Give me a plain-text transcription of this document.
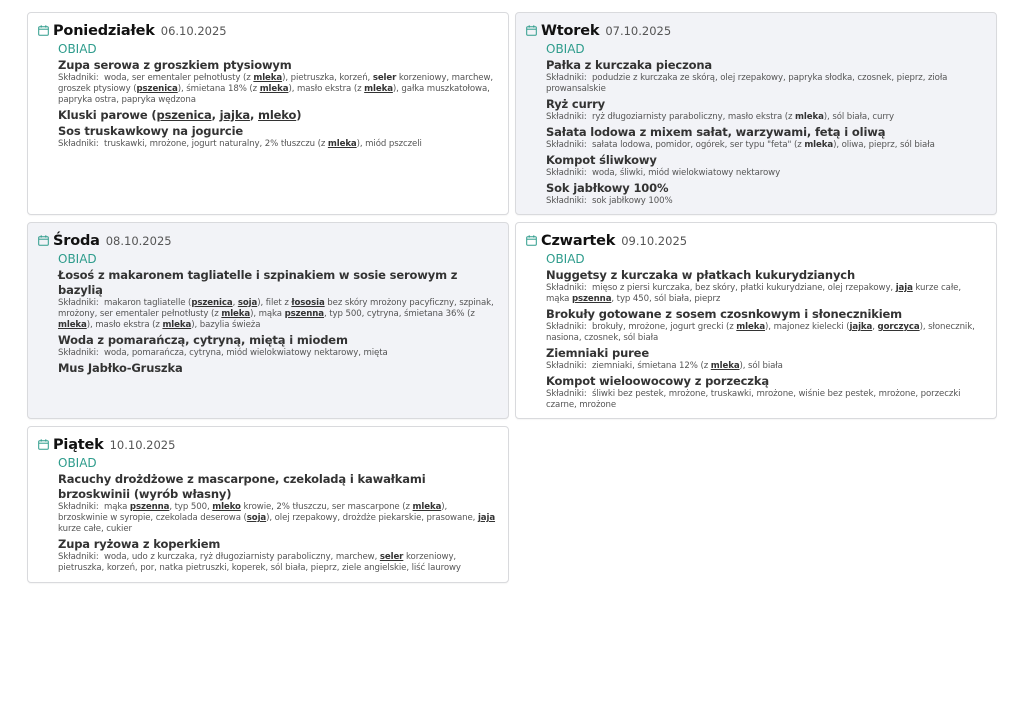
Poniedziałek 06.10.2025
OBIAD
Zupa serowa z groszkiem ptysiowym
Składniki:  woda, ser ementaler pełnotłusty (z mleka), pietruszka, korzeń, seler korzeniowy, marchew, groszek ptysiowy (pszenica), śmietana 18% (z mleka), masło ekstra (z mleka), gałka muszkatołowa, papryka ostra, papryka wędzona
Kluski parowe (pszenica, jajka, mleko)
Sos truskawkowy na jogurcie
Składniki:  truskawki, mrożone, jogurt naturalny, 2% tłuszczu (z mleka), miód pszczeli
Wtorek 07.10.2025
OBIAD
Pałka z kurczaka pieczona
Składniki:  podudzie z kurczaka ze skórą, olej rzepakowy, papryka słodka, czosnek, pieprz, zioła prowansalskie
Ryż curry
Składniki:  ryż długoziarnisty paraboliczny, masło ekstra (z mleka), sól biała, curry
Sałata lodowa z mixem sałat, warzywami, fetą i oliwą
Składniki:  sałata lodowa, pomidor, ogórek, ser typu "feta" (z mleka), oliwa, pieprz, sól biała
Kompot śliwkowy
Składniki:  woda, śliwki, miód wielokwiatowy nektarowy
Sok jabłkowy 100%
Składniki:  sok jabłkowy 100%
Środa 08.10.2025
OBIAD
Łosoś z makaronem tagliatelle i szpinakiem w sosie serowym z bazylią
Składniki:  makaron tagliatelle (pszenica, soja), filet z łososia bez skóry mrożony pacyficzny, szpinak, mrożony, ser ementaler pełnotłusty (z mleka), mąka pszenna, typ 500, cytryna, śmietana 36% (z mleka), masło ekstra (z mleka), bazylia świeża
Woda z pomarańczą, cytryną, miętą i miodem
Składniki:  woda, pomarańcza, cytryna, miód wielokwiatowy nektarowy, mięta
Mus Jabłko-Gruszka
Czwartek 09.10.2025
OBIAD
Nuggetsy z kurczaka w płatkach kukurydzianych
Składniki:  mięso z piersi kurczaka, bez skóry, płatki kukurydziane, olej rzepakowy, jaja kurze całe, mąka pszenna, typ 450, sól biała, pieprz
Brokuły gotowane z sosem czosnkowym i słonecznikiem
Składniki:  brokuły, mrożone, jogurt grecki (z mleka), majonez kielecki (jajka, gorczyca), słonecznik, nasiona, czosnek, sól biała
Ziemniaki puree
Składniki:  ziemniaki, śmietana 12% (z mleka), sól biała
Kompot wieloowocowy z porzeczką
Składniki:  śliwki bez pestek, mrożone, truskawki, mrożone, wiśnie bez pestek, mrożone, porzeczki czarne, mrożone
Piątek 10.10.2025
OBIAD
Racuchy drożdżowe z mascarpone, czekoladą i kawałkami brzoskwinii (wyrób własny)
Składniki:  mąka pszenna, typ 500, mleko krowie, 2% tłuszczu, ser mascarpone (z mleka), brzoskwinie w syropie, czekolada deserowa (soja), olej rzepakowy, drożdże piekarskie, prasowane, jaja kurze całe, cukier
Zupa ryżowa z koperkiem
Składniki:  woda, udo z kurczaka, ryż długoziarnisty paraboliczny, marchew, seler korzeniowy, pietruszka, korzeń, por, natka pietruszki, koperek, sól biała, pieprz, ziele angielskie, liść laurowy
